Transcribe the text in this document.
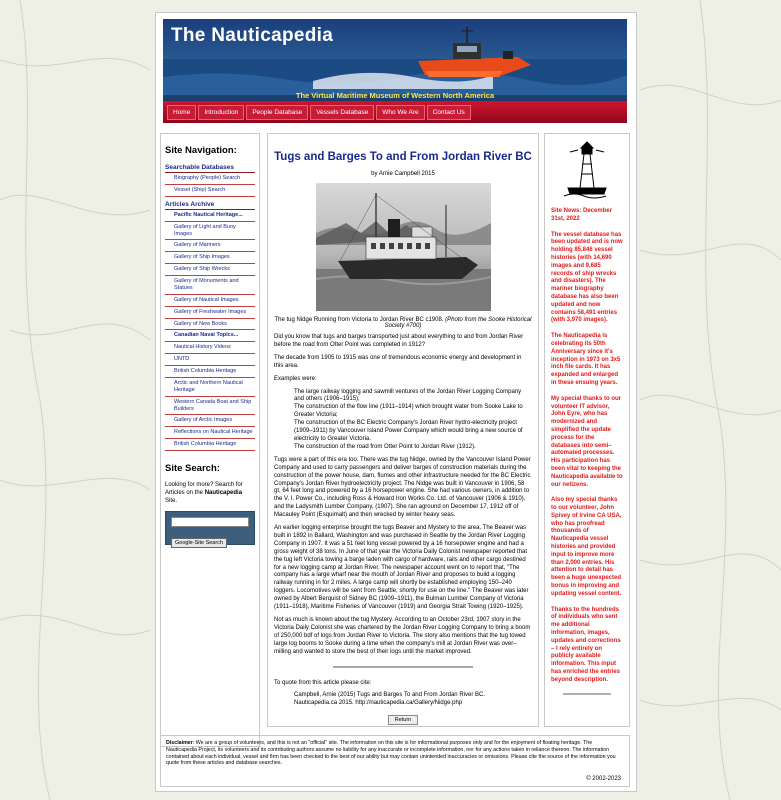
The Nauticapedia
The Virtual Maritime Museum of Western North America
Home	Introduction	People Database	Vessels Database	Who We Are	Contact Us
Site Navigation:
Searchable Databases
Biography (People) Search
Vessel (Ship) Search
Articles Archive
Pacific Nautical Heritage...
Gallery of Light and Buoy Images
Gallery of Mariners
Gallery of Ship Images
Gallery of Ship Wrecks
Gallery of Monuments and Statues
Gallery of Nautical Images
Gallery of Freshwater Images
Gallery of New Books
Canadian Naval Topics...
Nautical History Videos
UNTD
British Columbia Heritage
Arctic and Northern Nautical Heritage
Western Canada Boat and Ship Builders
Gallery of Arctic Images
Reflections on Nautical Heritage
British Columbia Heritage
Site Search:
Looking for more? Search for Articles on the Nauticapedia Site.
Google-Site Search
Tugs and Barges To and From Jordan River BC
by Arnie Campbell 2015
The tug Nidge Running from Victoria to Jordan River BC c1908. (Photo from the Sooke Historical Society #700)

Did you know that tugs and barges transported just about everything to and from Jordan River before the road from Otter Point was completed in 1912?

The decade from 1905 to 1915 was one of tremendous economic energy and development in this area.

Examples were:

The large railway logging and sawmill ventures of the Jordan River Logging Company and others (1906–1915);
The construction of the flow line (1911–1914) which brought water from Sooke Lake to Greater Victoria;
The construction of the BC Electric Company's Jordan River hydro-electricity project (1909–1911) by Vancouver Island Power Company which would bring a new source of electricity to Greater Victoria.
The construction of the road from Otter Point to Jordan River (1912).

Tugs were a part of this era too. There was the tug Nidge, owned by the Vancouver Island Power Company and used to carry passengers and deliver barges of construction materials during the construction of the power house, dam, flumes and other infrastructure needed for the BC Electric Company's Jordan River hydroelectricity project. The Nidge was built in Vancouver in 1906, 58 gt, 64 feet long and powered by a 16 horsepower engine. She had various owners, in addition to the V. I. Power Co., including Ross & Howard Iron Works Co. Ltd. of Vancouver (1906 & 1910), and the Ladysmith Lumber Company, (1907). She ran aground on December 17, 1912 off of Macauley Point (Esquimalt) and then wrecked by winter heavy seas.

An earlier logging enterprise brought the tugs Beaver and Mystery to the area. The Beaver was built in 1892 in Ballard, Washington and was purchased in Seattle by the Jordan River Logging Company in 1907. It was a 51 feet long vessel powered by a 16 horsepower engine and had a gross weight of 38 tons. In June of that year the Victoria Daily Colonist newspaper reported that the tug left Victoria towing a barge laden with cargo of hardware, rails and other cargo destined for a new logging camp at Jordan River. The newspaper account went on to report that, "The company has a large wharf near the mouth of Jordan River and proposes to build a logging railway running in for 2 miles. A large camp will shortly be established employing 150–240 loggers. Locomotives will be sent from Seattle, shortly for use on the line." The Beaver was later owned by Albert Berquist of Sidney BC (1909–1911), the Bulman Lumber Company of Victoria (1911–1918), Maritime Fisheries of Vancouver (1919) and Georgia Strait Towing (1920–1925).

Not as much is known about the tug Mystery. According to an October 23rd, 1907 story in the Victoria Daily Colonist she was chartered by the Jordan River Logging Company to bring a boom of 250,000 bdf of logs from Jordan River to Victoria. The story also mentions that the tug towed large log booms to Sooke during a time when the company's mill at Jordan River was over–milling and wanted to store the best of their logs until the market improved.

To quote from this article please cite:

Campbell, Arnie (2015) Tugs and Barges To and From Jordan River BC.
Nauticapedia.ca 2015. http://nauticapedia.ca/Gallery/Nidge.php
Return

Site News: December 31st, 2022

The vessel database has been updated and is now holding 85,846 vessel histories (with 14,690 images and 9,685 records of ship wrecks and disasters). The mariner biography database has also been updated and now contains 58,491 entries (with 3,970 images).

The Nauticapedia is celebrating its 50th Anniversary since it's inception in 1973 on 3x5 inch file cards. It has expanded and enlarged in these ensuing years.

My special thanks to our volunteer IT advisor, John Eyre, who has modernized and simplified the update process for the databases into semi–automated processes. His participation has been vital to keeping the Nauticapedia available to our netizens.

Also my special thanks to our volunteer, John Spivey of Irvine CA USA, who has proofread thousands of Nauticapedia vessel histories and provided input to improve more than 2,000 entries. His attention to detail has been a huge unexpected bonus in improving and updating vessel content.

Thanks to the hundreds of individuals who sent me additional information, images, updates and corrections – I rely entirely on publicly available information. This input has enriched the entries beyond description.

Disclaimer: We are a group of volunteers, and this is not an "official" site. The information on this site is for informational purposes only and for the enjoyment of floating heritage. The Nauticapedia Project, its volunteers and its contributing authors assume no liability for any inaccurate or incomplete information, nor for any actions taken in reliance thereon. The information contained about each individual, vessel and firm has been checked to the best of our ability but may contain unintended inaccuracies or omissions. Please cite the source of the information you quote from these articles and database searches.
© 2002-2023
